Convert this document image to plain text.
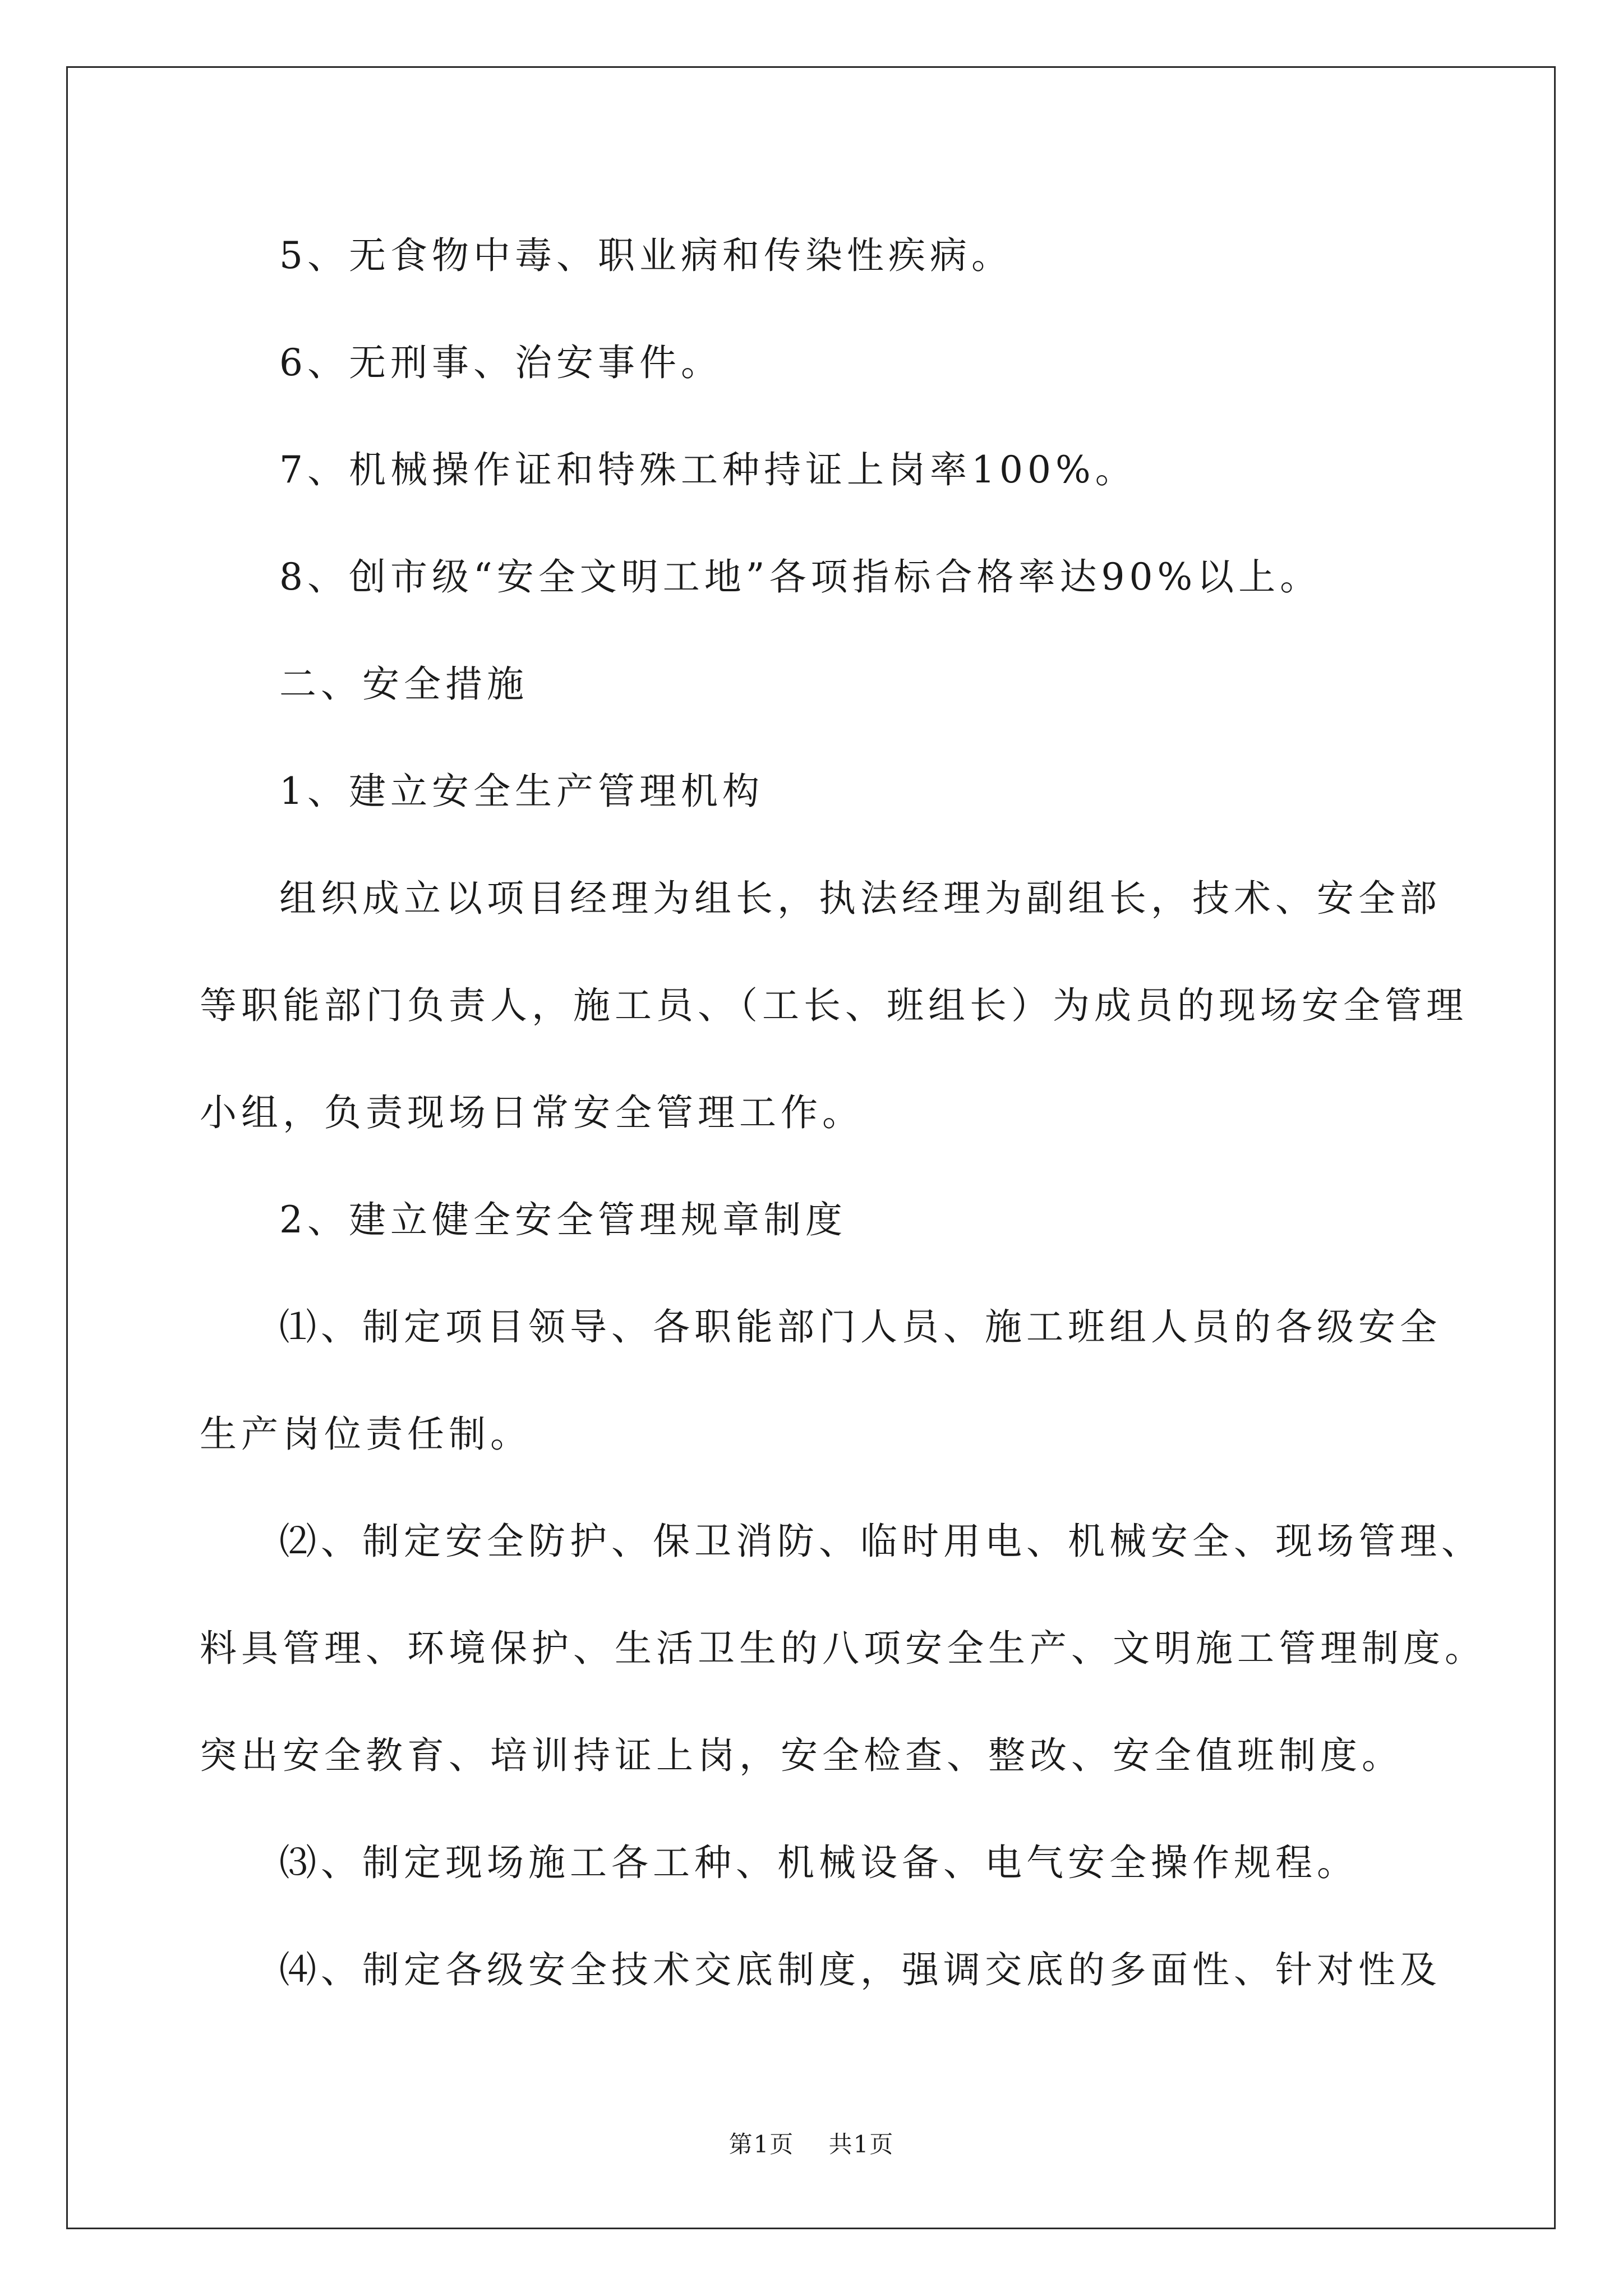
5、无食物中毒、职业病和传染性疾病。
6、无刑事、治安事件。
7、机械操作证和特殊工种持证上岗率100%。
8、创市级“安全文明工地”各项指标合格率达90%以上。
二、安全措施
1、建立安全生产管理机构
组织成立以项目经理为组长，执法经理为副组长，技术、安全部
等职能部门负责人，施工员、（工长、班组长）为成员的现场安全管理
小组，负责现场日常安全管理工作。
2、建立健全安全管理规章制度
⑴、制定项目领导、各职能部门人员、施工班组人员的各级安全
生产岗位责任制。
⑵、制定安全防护、保卫消防、临时用电、机械安全、现场管理、
料具管理、环境保护、生活卫生的八项安全生产、文明施工管理制度。
突出安全教育、培训持证上岗，安全检查、整改、安全值班制度。
⑶、制定现场施工各工种、机械设备、电气安全操作规程。
⑷、制定各级安全技术交底制度，强调交底的多面性、针对性及
第1页    共1页
